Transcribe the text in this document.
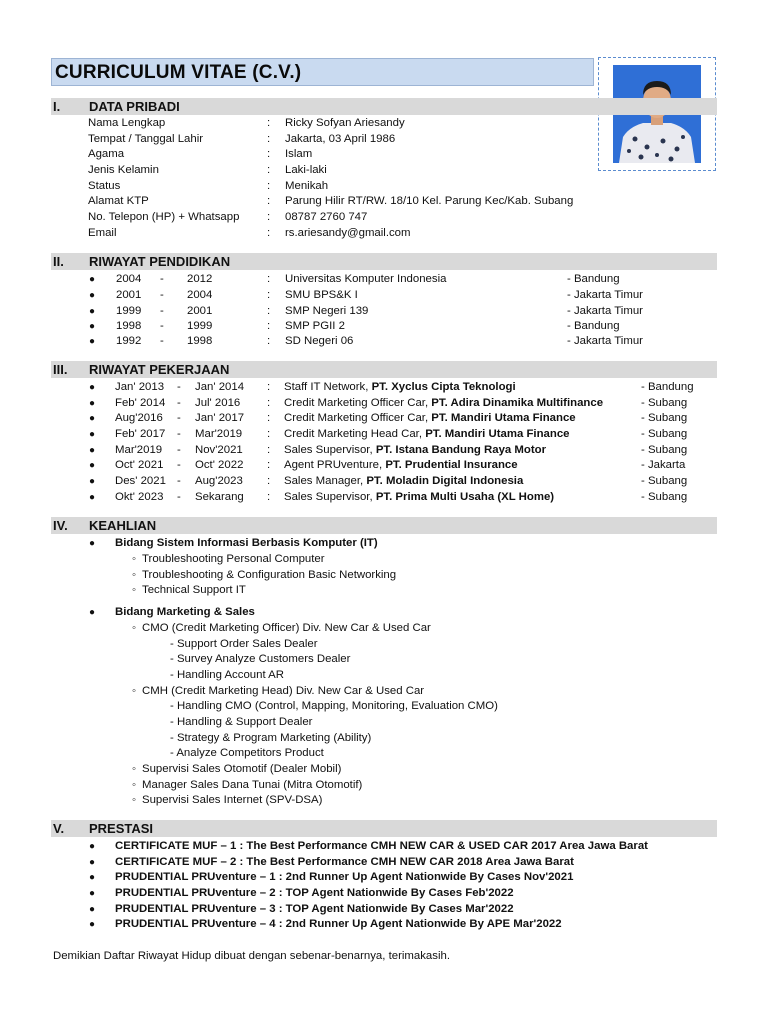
CURRICULUM VITAE (C.V.)
I. DATA PRIBADI
Nama Lengkap	: Ricky Sofyan Ariesandy
Tempat / Tanggal Lahir	: Jakarta, 03 April 1986
Agama	: Islam
Jenis Kelamin	: Laki-laki
Status	: Menikah
Alamat KTP	: Parung Hilir RT/RW. 18/10 Kel. Parung Kec/Kab. Subang
No. Telepon (HP) + Whatsapp : 08787 2760 747
Email	: rs.ariesandy@gmail.com
II. RIWAYAT PENDIDIKAN
● 2004 - 2012	: Universitas Komputer Indonesia	- Bandung
● 2001 - 2004	: SMU BPS&K I	- Jakarta Timur
● 1999 - 2001	: SMP Negeri 139	- Jakarta Timur
● 1998 - 1999	: SMP PGII 2	- Bandung
● 1992 - 1998	: SD Negeri 06	- Jakarta Timur
III. RIWAYAT PEKERJAAN
● Jan' 2013 - Jan' 2014 : Staff IT Network, PT. Xyclus Cipta Teknologi	- Bandung
● Feb' 2014 - Jul' 2016 : Credit Marketing Officer Car, PT. Adira Dinamika Multifinance	- Subang
● Aug'2016 - Jan' 2017 : Credit Marketing Officer Car, PT. Mandiri Utama Finance	- Subang
● Feb' 2017 - Mar'2019 : Credit Marketing Head Car, PT. Mandiri Utama Finance	- Subang
● Mar'2019 - Nov'2021 : Sales Supervisor, PT. Istana Bandung Raya Motor	- Subang
● Oct' 2021 - Oct' 2022 : Agent PRUventure, PT. Prudential Insurance	- Jakarta
● Des' 2021 - Aug'2023 : Sales Manager, PT. Moladin Digital Indonesia	- Subang
● Okt' 2023 - Sekarang : Sales Supervisor, PT. Prima Multi Usaha (XL Home)	- Subang
IV. KEAHLIAN
● Bidang Sistem Informasi Berbasis Komputer (IT)
◦ Troubleshooting Personal Computer
◦ Troubleshooting & Configuration Basic Networking
◦ Technical Support IT
● Bidang Marketing & Sales
◦ CMO (Credit Marketing Officer) Div. New Car & Used Car
- Support Order Sales Dealer
- Survey Analyze Customers Dealer
- Handling Account AR
◦ CMH (Credit Marketing Head) Div. New Car & Used Car
- Handling CMO (Control, Mapping, Monitoring, Evaluation CMO)
- Handling & Support Dealer
- Strategy & Program Marketing (Ability)
- Analyze Competitors Product
◦ Supervisi Sales Otomotif (Dealer Mobil)
◦ Manager Sales Dana Tunai (Mitra Otomotif)
◦ Supervisi Sales Internet (SPV-DSA)
V. PRESTASI
● CERTIFICATE MUF – 1 : The Best Performance CMH NEW CAR & USED CAR 2017 Area Jawa Barat
● CERTIFICATE MUF – 2 : The Best Performance CMH NEW CAR 2018 Area Jawa Barat
● PRUDENTIAL PRUventure – 1 : 2nd Runner Up Agent Nationwide By Cases Nov'2021
● PRUDENTIAL PRUventure – 2 : TOP Agent Nationwide By Cases Feb'2022
● PRUDENTIAL PRUventure – 3 : TOP Agent Nationwide By Cases Mar'2022
● PRUDENTIAL PRUventure – 4 : 2nd Runner Up Agent Nationwide By APE Mar'2022
Demikian Daftar Riwayat Hidup dibuat dengan sebenar-benarnya, terimakasih.
